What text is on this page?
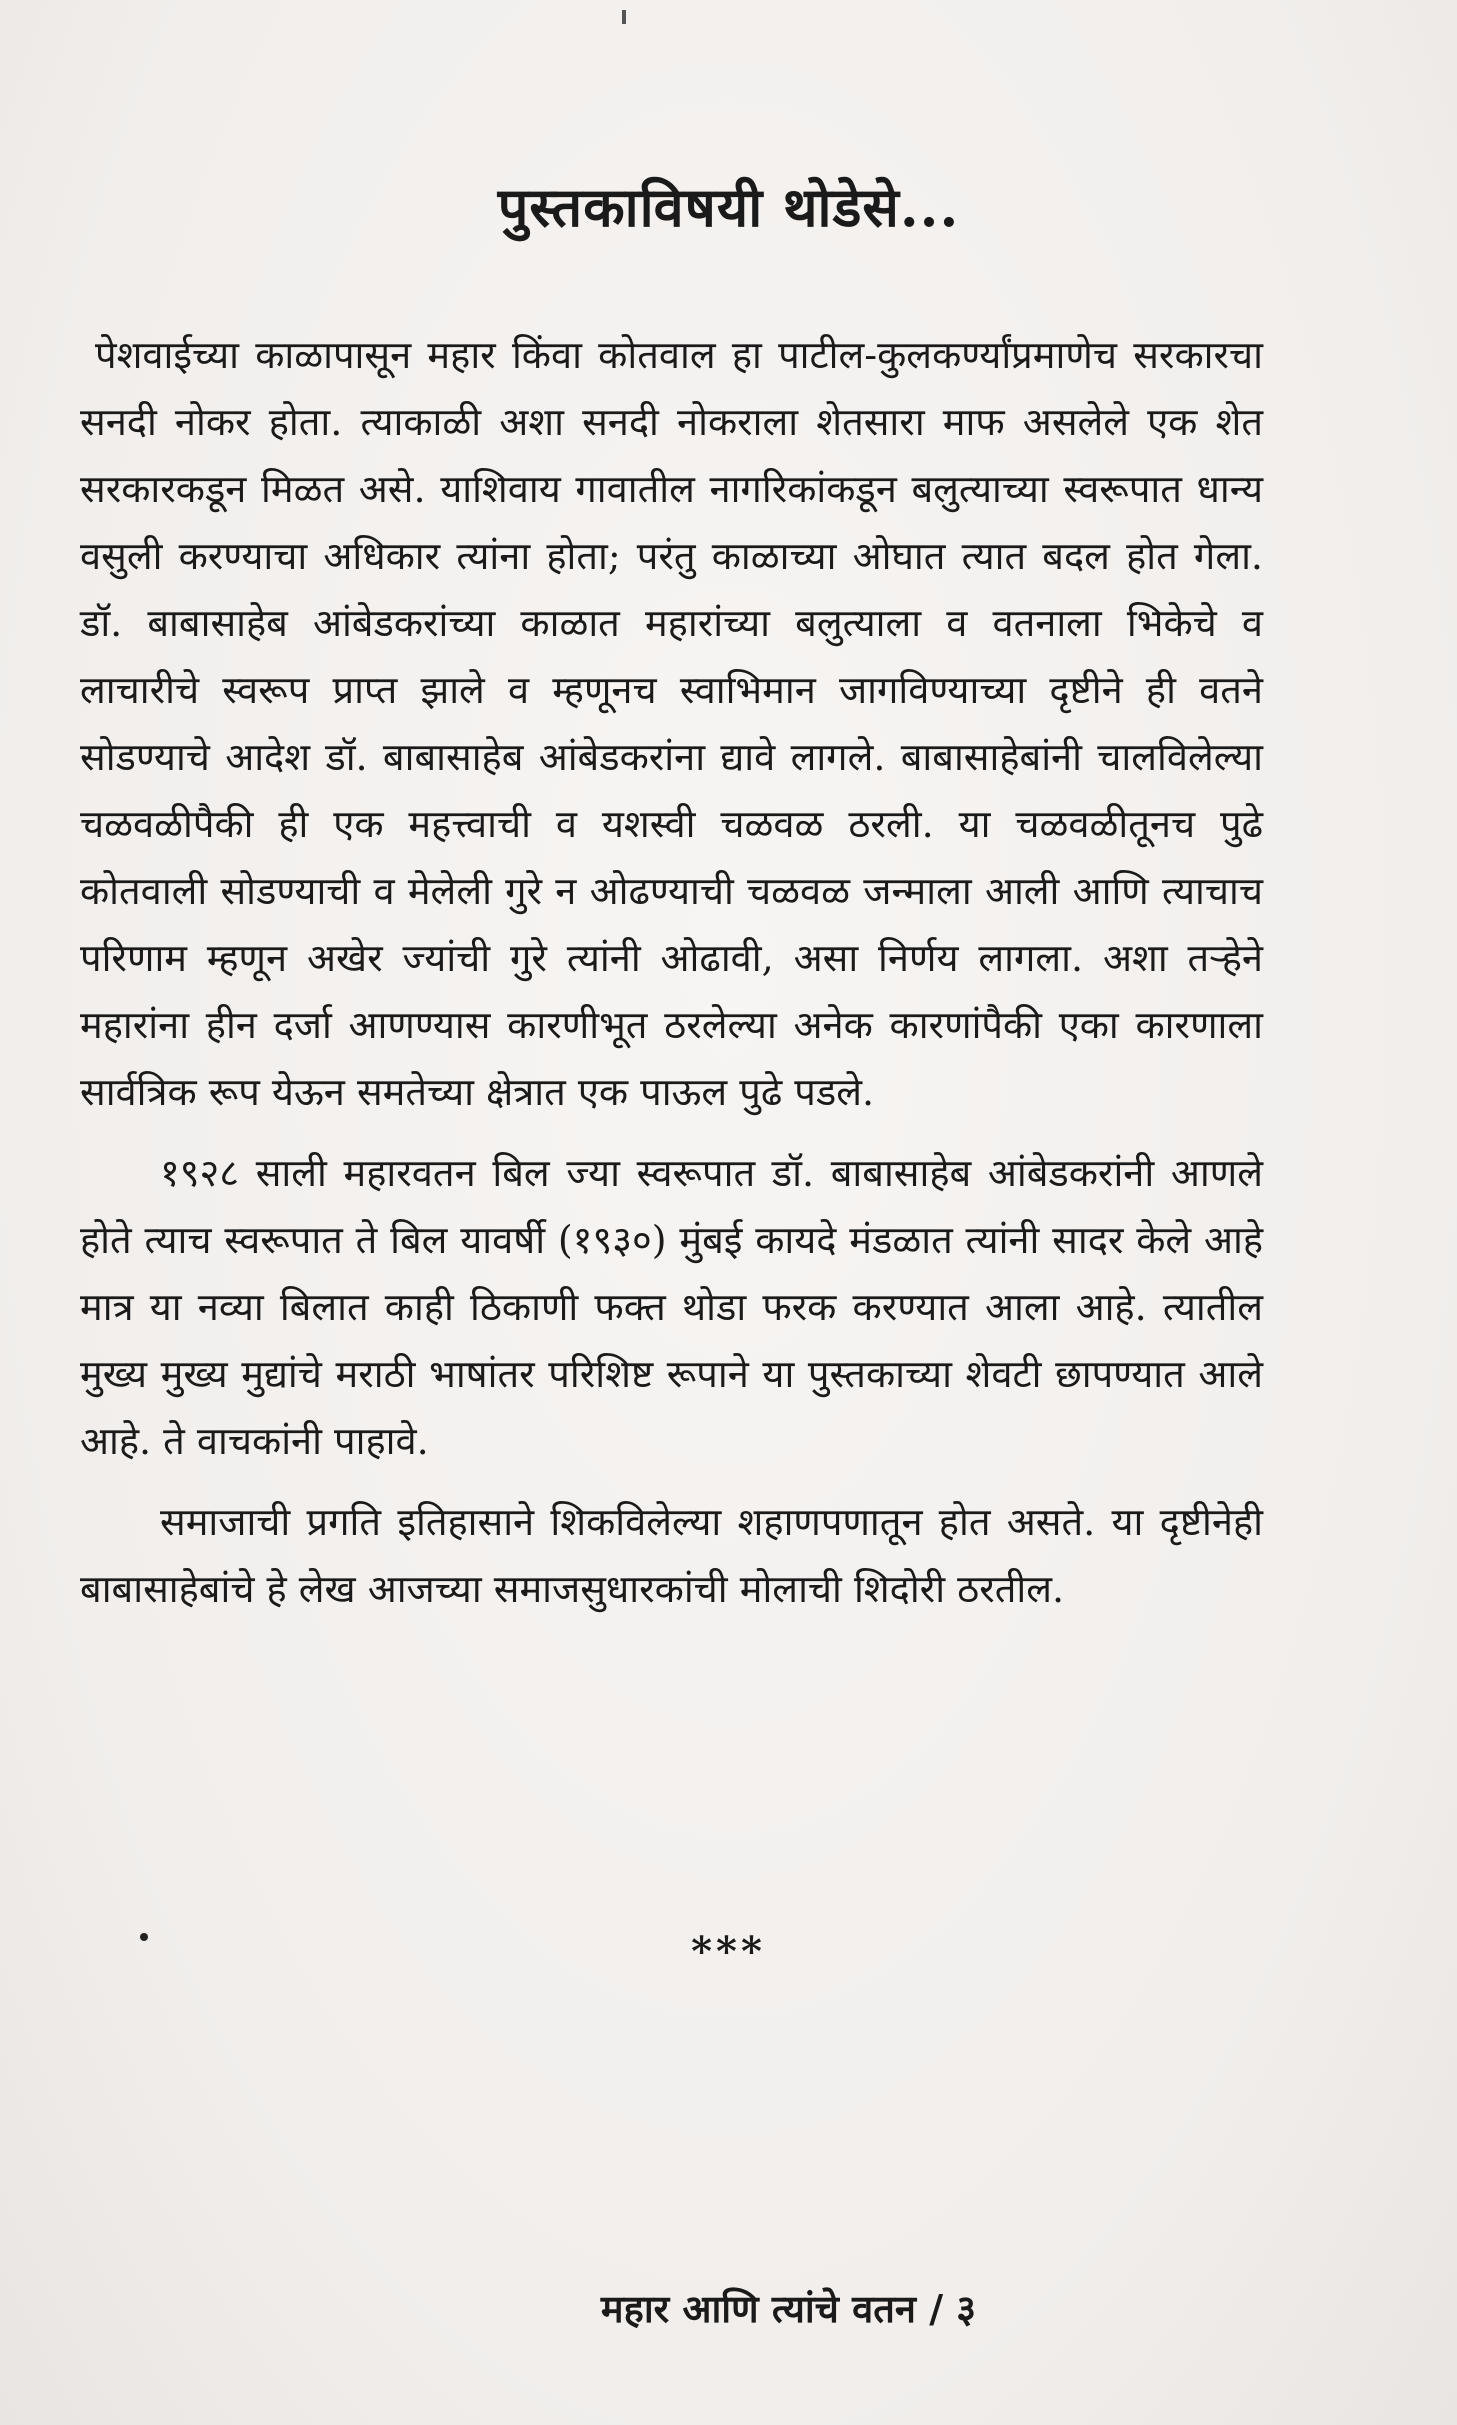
पुस्तकाविषयी थोडेसे...

पेशवाईच्या काळापासून महार किंवा कोतवाल हा पाटील-कुलकर्ण्यांप्रमाणेच सरकारचा सनदी नोकर होता. त्याकाळी अशा सनदी नोकराला शेतसारा माफ असलेले एक शेत सरकारकडून मिळत असे. याशिवाय गावातील नागरिकांकडून बलुत्याच्या स्वरूपात धान्य वसुली करण्याचा अधिकार त्यांना होता; परंतु काळाच्या ओघात त्यात बदल होत गेला. डॉ. बाबासाहेब आंबेडकरांच्या काळात महारांच्या बलुत्याला व वतनाला भिकेचे व लाचारीचे स्वरूप प्राप्त झाले व म्हणूनच स्वाभिमान जागविण्याच्या दृष्टीने ही वतने सोडण्याचे आदेश डॉ. बाबासाहेब आंबेडकरांना द्यावे लागले. बाबासाहेबांनी चालविलेल्या चळवळीपैकी ही एक महत्त्वाची व यशस्वी चळवळ ठरली. या चळवळीतूनच पुढे कोतवाली सोडण्याची व मेलेली गुरे न ओढण्याची चळवळ जन्माला आली आणि त्याचाच परिणाम म्हणून अखेर ज्यांची गुरे त्यांनी ओढावी, असा निर्णय लागला. अशा तऱ्हेने महारांना हीन दर्जा आणण्यास कारणीभूत ठरलेल्या अनेक कारणांपैकी एका कारणाला सार्वत्रिक रूप येऊन समतेच्या क्षेत्रात एक पाऊल पुढे पडले.

१९२८ साली महारवतन बिल ज्या स्वरूपात डॉ. बाबासाहेब आंबेडकरांनी आणले होते त्याच स्वरूपात ते बिल यावर्षी (१९३०) मुंबई कायदे मंडळात त्यांनी सादर केले आहे मात्र या नव्या बिलात काही ठिकाणी फक्त थोडा फरक करण्यात आला आहे. त्यातील मुख्य मुख्य मुद्यांचे मराठी भाषांतर परिशिष्ट रूपाने या पुस्तकाच्या शेवटी छापण्यात आले आहे. ते वाचकांनी पाहावे.

समाजाची प्रगति इतिहासाने शिकविलेल्या शहाणपणातून होत असते. या दृष्टीनेही बाबासाहेबांचे हे लेख आजच्या समाजसुधारकांची मोलाची शिदोरी ठरतील.

***
महार आणि त्यांचे वतन / ३
